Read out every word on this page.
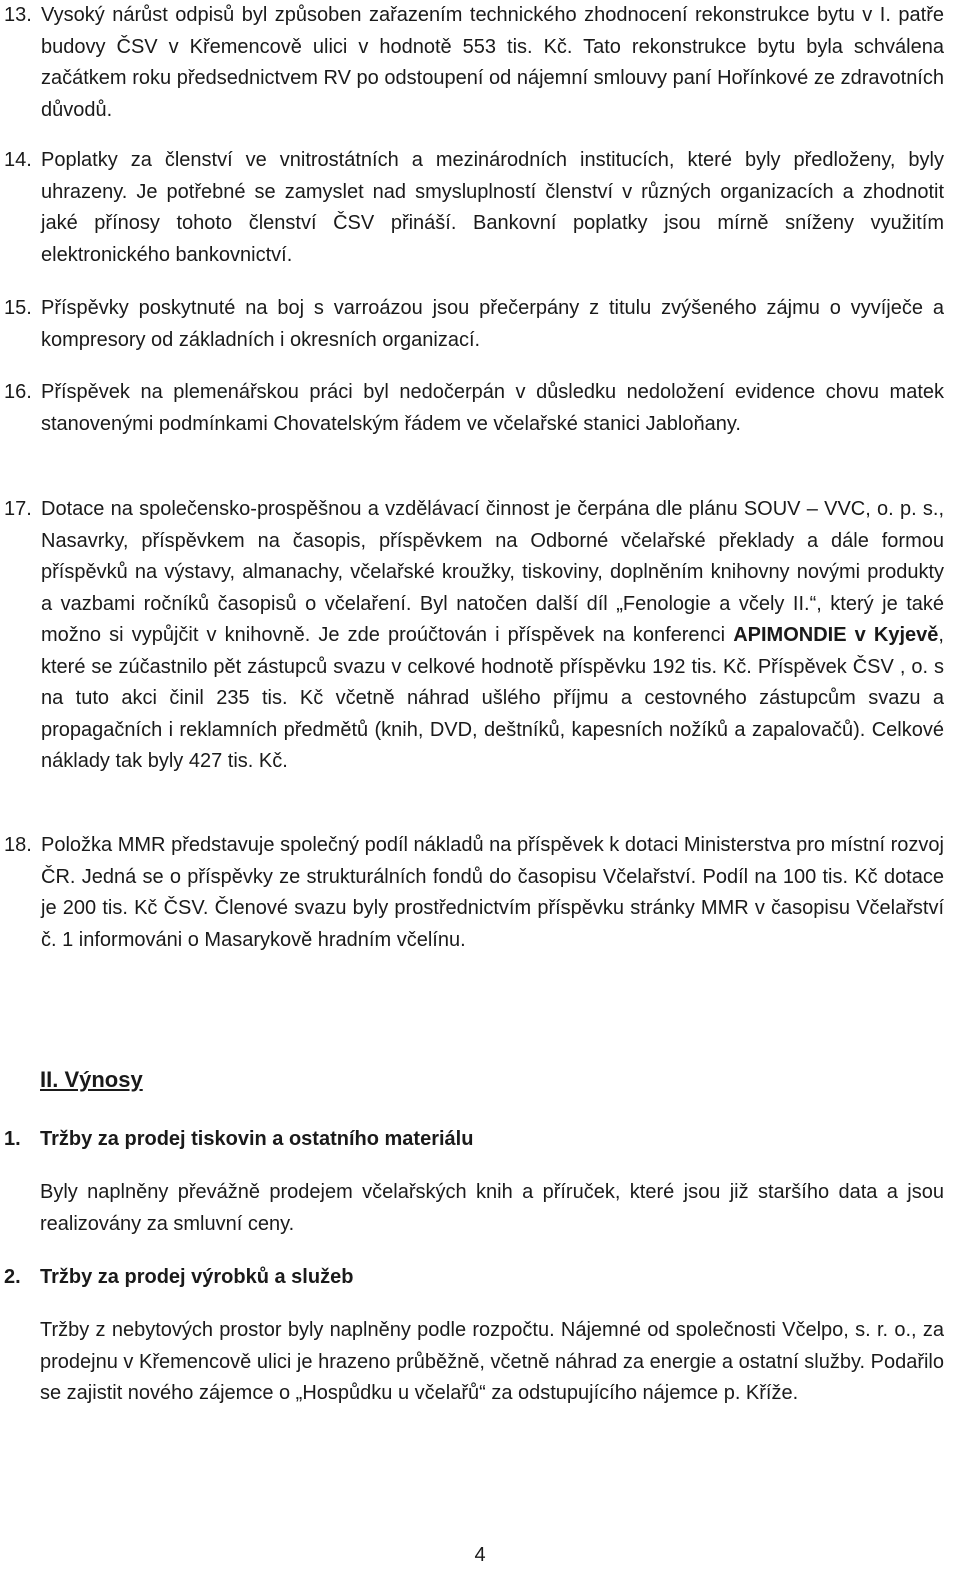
13. Vysoký nárůst odpisů byl způsoben zařazením technického zhodnocení rekonstrukce bytu v I. patře budovy ČSV v Křemencově ulici v hodnotě 553 tis. Kč. Tato rekonstrukce bytu byla schválena začátkem roku předsednictvem RV po odstoupení od nájemní smlouvy paní Hořínkové ze zdravotních důvodů.
14. Poplatky za členství ve vnitrostátních a mezinárodních institucích, které byly předloženy, byly uhrazeny. Je potřebné se zamyslet nad smysluplností členství v různých organizacích a zhodnotit jaké přínosy tohoto členství ČSV přináší. Bankovní poplatky jsou mírně sníženy využitím elektronického bankovnictví.
15. Příspěvky poskytnuté na boj s varroázou jsou přečerpány z titulu zvýšeného zájmu o vyvíječe a kompresory od základních i okresních organizací.
16. Příspěvek na plemenářskou práci byl nedočerpán v důsledku nedoložení evidence chovu matek stanovenými podmínkami Chovatelským řádem ve včelařské stanici Jabloňany.
17. Dotace na společensko-prospěšnou a vzdělávací činnost je čerpána dle plánu SOUV – VVC, o. p. s., Nasavrky, příspěvkem na časopis, příspěvkem na Odborné včelařské překlady a dále formou příspěvků na výstavy, almanachy, včelařské kroužky, tiskoviny, doplněním knihovny novými produkty a vazbami ročníků časopisů o včelaření. Byl natočen další díl „Fenologie a včely II.“, který je také možno si vypůjčit v knihovně. Je zde proúčtován i příspěvek na konferenci APIMONDIE v Kyjevě, které se zúčastnilo pět zástupců svazu v celkové hodnotě příspěvku 192 tis. Kč. Příspěvek ČSV , o. s na tuto akci činil 235 tis. Kč včetně náhrad ušlého příjmu a cestovného zástupcům svazu a propagačních i reklamních předmětů (knih, DVD, deštníků, kapesních nožíků a zapalovačů). Celkové náklady tak byly 427 tis. Kč.
18. Položka MMR představuje společný podíl nákladů na příspěvek k dotaci Ministerstva pro místní rozvoj ČR. Jedná se o příspěvky ze strukturálních fondů do časopisu Včelařství. Podíl na 100 tis. Kč dotace je 200 tis. Kč ČSV. Členové svazu byly prostřednictvím příspěvku stránky MMR v časopisu Včelařství č. 1 informováni o Masarykově hradním včelínu.
II. Výnosy
1. Tržby za prodej tiskovin a ostatního materiálu
Byly naplněny převážně prodejem včelařských knih a příruček, které jsou již staršího data a jsou realizovány za smluvní ceny.
2. Tržby za prodej výrobků a služeb
Tržby z nebytových prostor byly naplněny podle rozpočtu. Nájemné od společnosti Včelpo, s. r. o., za prodejnu v Křemencově ulici je hrazeno průběžně, včetně náhrad za energie a ostatní služby. Podařilo se zajistit nového zájemce o „Hospůdku u včelařů“ za odstupujícího nájemce p. Kříže.
4
